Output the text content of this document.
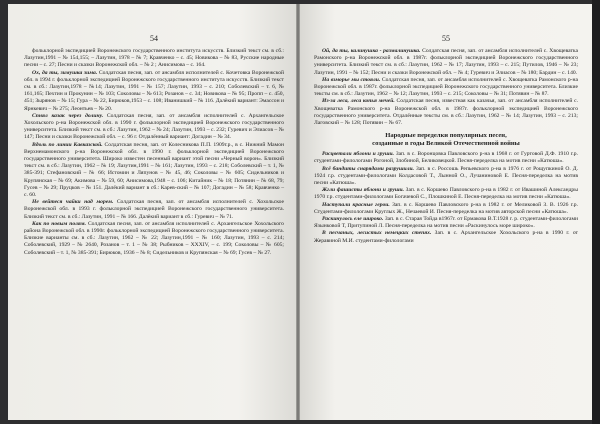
54

фольклорной экспедицией Воронежского государственного института искусств. Близкий текст см. в сб.: Лазутин,1991 – № 154,155; – Лазутин, 1978 – № 7; Кравченко – с. 45; Новикова – № 83, Русские народные песни – с. 27; Песни и сказки Воронежской обл. – № 2 ; Анисимова – с. 164.

Ох, да ты, зимушка зима. Солдатская песня, зап. от ансамбля исполнителей с. Кочетовка Воронежской обл. в 1994 г. фольклорной экспедицией Воронежского государственного института искусств. Близкий текст см. в сб.: Лазутин,1978 – №14; Лазутин, 1991 – № 157; Лазутин, 1993 – с. 210; Соболевский – т. 6, № 161,165; Пехтин и Прокунин – № 103; Соколовы – № 613; Розанов – с. 34; Новикова – № 95; Пропп – с. 450, 451; Зырянов – № 15; Гура – № 22, Бирюков,1953 – с. 108; Иванишкий – № 116. Далёкий вариант: Эмассон и Ярнкевич – № 275; Леонтьев – № 20.

Спнял казак через долину. Солдатская песня, зап. от ансамбля исполнителей с. Архангельское Хохольского р-на Воронежской обл. в 1990 г. фольклорной экспедицией Воронежского государственного университета. Близкий текст см. в сб.: Лазутин, 1962 – № 24; Лазутин, 1993 – с. 232; Гуревич и Элиасов – № 147; Песни и сказки Воронежской обл. – с. 96 г. Отдалённый вариант: Догадин – № 34.

Вдоль по линии Кавказской. Солдатская песня, зап. от Колесникова П.П. 1909г.р., в с. Нижний Мамон Верхнемамонского р-на Воронежской обл. в 1990 г. фольклорной экспедицией Воронежского государственного университета. Широко известен песенный вариант этой песни «Черный ворон». Близкий текст см. в сб.: Лазутин, 1962 – № 19; Лазутин,1991 – № 161; Лазутин, 1993 – с. 218; Соболевский – т. 1, № 385-391; Стефановский – № 66; Истомин и Ляпунов – № 45, 46; Соколовы – № 605; Сидельников и Крупянская – № 69; Акимова – № 59, 60; Анисимова,1948 – с. 106; Китайник – № 18; Потянин – № 68, 79; Гусев – № 29; Пруцков – № 151. Далёкий вариант в сб.: Карев-ский – № 107; Догадин – № 58; Кравченко – с. 60.

Не вейтеся чайки над морем. Солдатская песня, зап. от ансамбля исполнителей с. Хохольское Воронежской обл. в 1993 г. фольклорной экспедицией Воронежского государственного университета. Близкий текст см. в сб.: Лазутин, 1991 – № 166. Далёкий вариант в сб.: Гуревич – № 71.

Как по новым полям. Солдатская песня, зап. от ансамбля исполнителей с. Архангельское Хохольского района Воронежской обл. в 1990г. фольклорной экспедицией Воронежского государственного университета. Близкие варианты см. в сб.: Лазутин, 1962 – № 22; Лазутин,1991 – № 160; Лазутин, 1993 – с. 214; Соболевский, 1929 – № 2640, Розанов – т. 1 – № 38; Рыбников – XXXIV, – с. 199; Соколовы – № 605; Соболевский – т. 1, № 385-391; Бирюков, 1936 – № 8; Сидельников и Крупянская – № 69; Гусев – № 27.

55

Ой, да ты, калинушка - размалинушка. Солдатская песня, зап. от ансамбля исполнителей с. Хвощеватка Рамонского р-на Воронежской обл. в 1987г. фольклорной экспедицией Воронежского государственного университета. Близкий текст см. в сб.: Лазутин, 1962 – № 17; Лазутин, 1993 – с. 215; Путилов, 1946 – № 23; Лазутин, 1991 – № 152; Песни и сказки Воронежской обл. – № 4; Гуревич и Элиасов – № 180; Бардин – с. 140.

На взморье мы стояли. Солдатская песня, зап. от ансамбля исполнителей с. Хвощеватка Рамонского р-на Воронежской обл. в 1987г. фольклорной экспедицией Воронежского государственного университета. Близкие тексты см. в сб.: Лазутин, 1962 – № 12; Лазутин, 1993 – с. 215; Соколовы – № 31; Потявин – № 87.

Из-за леса, леса копья мечей. Солдатская песня, известная как казачья, зап. от ансамбля исполнителей с. Хвощеватка Рамонского р-на Воронежской обл. в 1987г. фольклорной экспедицией Воронежского государственного университета. Отдалённые тексты см. в сб.: Лазутин, 1962 – № 14; Лазутин, 1993 – с. 213; Лаговский – № 128; Потявин – № 67.

Народные переделки популярных песен,
созданные в годы Великой Отечественной войны

Расцветали яблони и груши. Зап. в с. Воронцовка Павловского р-на в 1968 г. от Гуртовой Д.Ф. 1910 г.р. студентами-филологами Рогоной, Злобиной, Беликовецкой. Песня-переделка на мотив песни «Катюша».

Всё бандиты снарядами разрушили. Зап. в с. Россошь Репьевского р-на в 1976 г. от Рощупкиной О. Д. 1924 г.р. студентами-филологами Колдасовой Т., Лынной О., Лучаниновой Е. Песня-переделка на мотив песни «Катюша».

Жгли фашисты яблони и груши. Зап. в с. Коршево Павловского р-на в 1982 г. от Ивашиной Александры 1970 г.р. студентами-филологами Богачевой С., Плошкиной Е. Песня-переделка на мотив песни «Катюша».

Наступали красные герои. Зап. в с. Коршево Павловского р-на в 1982 г. от Меликовой З. В. 1926 г.р. Студентами-филологами Круглых Ж., Нечаевой И. Песня-переделка на мотив авторской песни «Катюша».

Раскинулось еле широко. Зап. в с. Старая Тойда в1967г. от Ермакова В.Т.1928 г. р. студентами-филологами Язынковой Т, Притупиной Л. Песня-переделка на мотив песни «Раскинулось море широко».

В песчаных, лесистых немецких степях. Зап. в с. Архангельское Хохольского р-на в 1990 г. от Жеравиной М.И. студентами-филологами
